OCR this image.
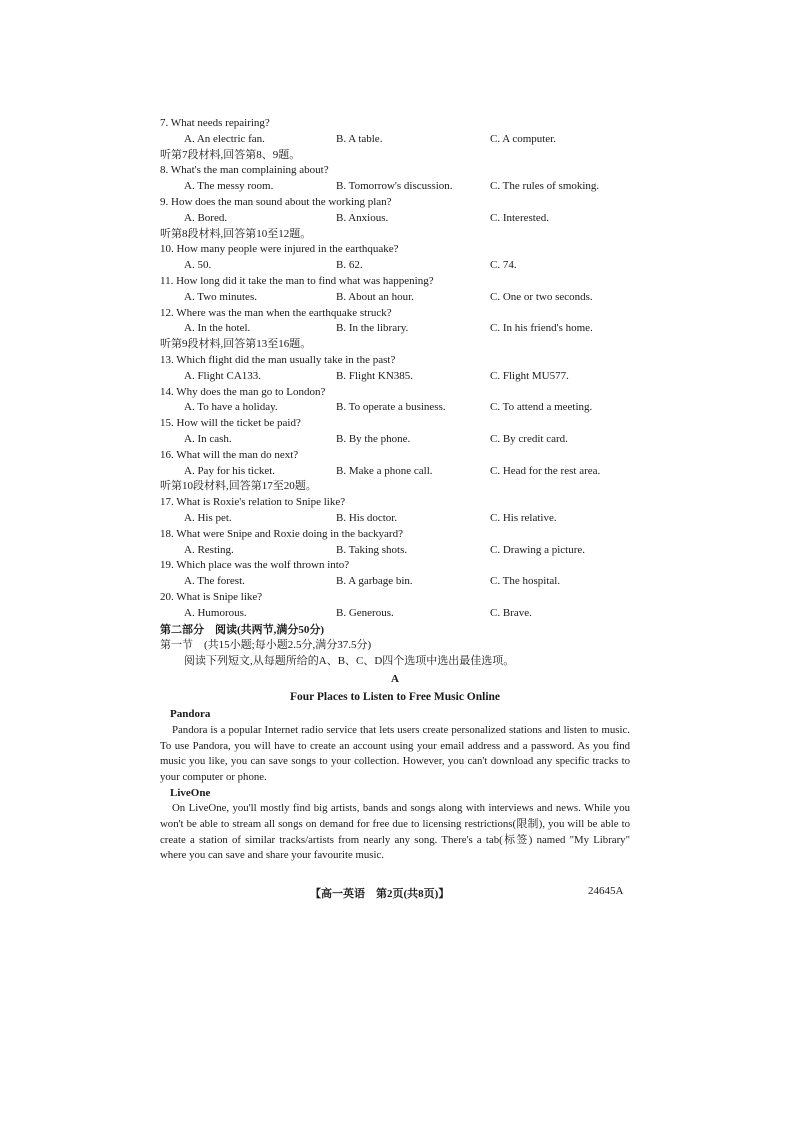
7. What needs repairing?
A. An electric fan.	B. A table.	C. A computer.
听第7段材料,回答第8、9题。
8. What's the man complaining about?
A. The messy room.	B. Tomorrow's discussion.	C. The rules of smoking.
9. How does the man sound about the working plan?
A. Bored.	B. Anxious.	C. Interested.
听第8段材料,回答第10至12题。
10. How many people were injured in the earthquake?
A. 50.	B. 62.	C. 74.
11. How long did it take the man to find what was happening?
A. Two minutes.	B. About an hour.	C. One or two seconds.
12. Where was the man when the earthquake struck?
A. In the hotel.	B. In the library.	C. In his friend's home.
听第9段材料,回答第13至16题。
13. Which flight did the man usually take in the past?
A. Flight CA133.	B. Flight KN385.	C. Flight MU577.
14. Why does the man go to London?
A. To have a holiday.	B. To operate a business.	C. To attend a meeting.
15. How will the ticket be paid?
A. In cash.	B. By the phone.	C. By credit card.
16. What will the man do next?
A. Pay for his ticket.	B. Make a phone call.	C. Head for the rest area.
听第10段材料,回答第17至20题。
17. What is Roxie's relation to Snipe like?
A. His pet.	B. His doctor.	C. His relative.
18. What were Snipe and Roxie doing in the backyard?
A. Resting.	B. Taking shots.	C. Drawing a picture.
19. Which place was the wolf thrown into?
A. The forest.	B. A garbage bin.	C. The hospital.
20. What is Snipe like?
A. Humorous.	B. Generous.	C. Brave.
第二部分　阅读(共两节,满分50分)
第一节　(共15小题;每小题2.5分,满分37.5分)
阅读下列短文,从每题所给的A、B、C、D四个选项中选出最佳选项。
A
Four Places to Listen to Free Music Online
Pandora

Pandora is a popular Internet radio service that lets users create personalized stations and listen to music. To use Pandora, you will have to create an account using your email address and a password. As you find music you like, you can save songs to your collection. However, you can't download any specific tracks to your computer or phone.

LiveOne

On LiveOne, you'll mostly find big artists, bands and songs along with interviews and news. While you won't be able to stream all songs on demand for free due to licensing restrictions(限制), you will be able to create a station of similar tracks/artists from nearly any song. There's a tab(标签) named "My Library" where you can save and share your favourite music.

【高一英语　第2页(共8页)】	24645A
